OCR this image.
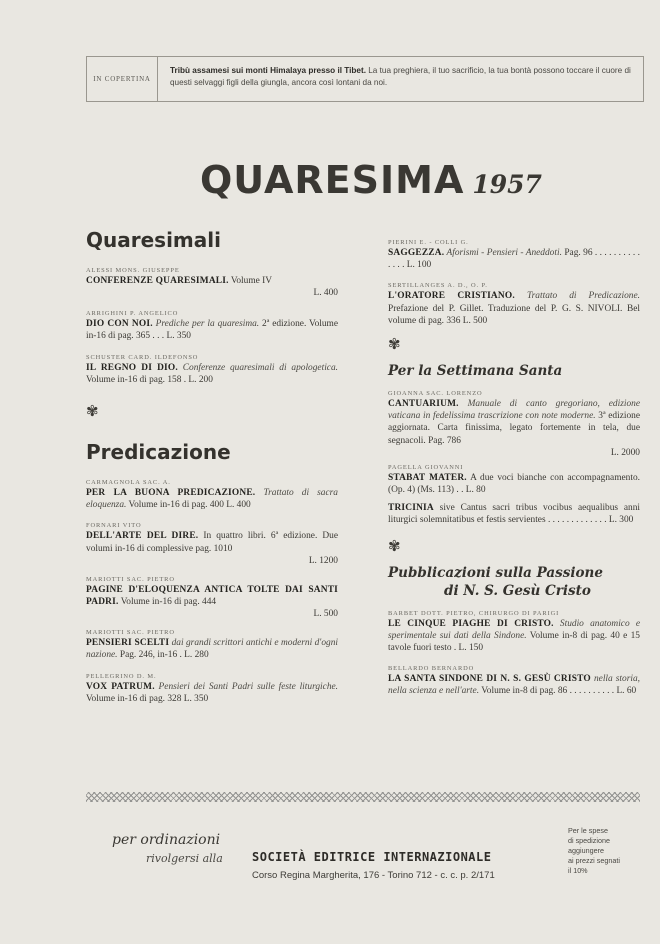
IN COPERTINA
Tribù assamesi sui monti Himalaya presso il Tibet. La tua preghiera, il tuo sacrificio, la tua bontà possono toccare il cuore di questi selvaggi figli della giungla, ancora così lontani da noi.
QUARESIMA 1957
Quaresimali

ALESSI MONS. GIUSEPPE

CONFERENZE QUARESIMALI. Volume IV

L. 400

ARRIGHINI P. ANGELICO

DIO CON NOI. Prediche per la quaresima. 2ª edizione. Volume in-16 di pag. 365 . . . L. 350

SCHUSTER CARD. ILDEFONSO

IL REGNO DI DIO. Conferenze quaresimali di apologetica. Volume in-16 di pag. 158 . L. 200

✾

Predicazione

CARMAGNOLA SAC. A.

PER LA BUONA PREDICAZIONE. Trattato di sacra eloquenza. Volume in-16 di pag. 400 L. 400

FORNARI VITO

DELL'ARTE DEL DIRE. In quattro libri. 6ª edizione. Due volumi in-16 di complessive pag. 1010

L. 1200

MARIOTTI SAC. PIETRO

PAGINE D'ELOQUENZA ANTICA TOLTE DAI SANTI PADRI. Volume in-16 di pag. 444

L. 500

MARIOTTI SAC. PIETRO

PENSIERI SCELTI dai grandi scrittori antichi e moderni d'ogni nazione. Pag. 246, in-16 . L. 280

PELLEGRINO D. M.

VOX PATRUM. Pensieri dei Santi Padri sulle feste liturgiche. Volume in-16 di pag. 328 L. 350

PIERINI E. - COLLI G.

SAGGEZZA. Aforismi - Pensieri - Aneddoti. Pag. 96 . . . . . . . . . . . . . . L. 100

SERTILLANGES A. D., O. P.

L'ORATORE CRISTIANO. Trattato di Predicazione. Prefazione del P. Gillet. Traduzione del P. G. S. NIVOLI. Bel volume di pag. 336 L. 500

✾

Per la Settimana Santa

GIOANNA SAC. LORENZO

CANTUARIUM. Manuale di canto gregoriano, edizione vaticana in fedelissima trascrizione con note moderne. 3ª edizione aggiornata. Carta finissima, legato fortemente in tela, due segnacoli. Pag. 786

L. 2000

PAGELLA GIOVANNI

STABAT MATER. A due voci bianche con accompagnamento. (Op. 4) (Ms. 113) . . L. 80

TRICINIA sive Cantus sacri tribus vocibus aequalibus anni liturgici solemnitatibus et festis servientes . . . . . . . . . . . . . L. 300

✾

Pubblicazioni sulla Passione
di N. S. Gesù Cristo

BARBET DOTT. PIETRO, CHIRURGO DI PARIGI

LE CINQUE PIAGHE DI CRISTO. Studio anatomico e sperimentale sui dati della Sindone. Volume in-8 di pag. 40 e 15 tavole fuori testo . L. 150

BELLARDO BERNARDO

LA SANTA SINDONE DI N. S. GESÙ CRISTO nella storia, nella scienza e nell'arte. Volume in-8 di pag. 86 . . . . . . . . . . L. 60

per ordinazioni
rivolgersi alla SOCIETÀ EDITRICE INTERNAZIONALE
Corso Regina Margherita, 176 - Torino 712 - c. c. p. 2/171
Per le spese
di spedizione
aggiungere
ai prezzi segnati
il 10%
